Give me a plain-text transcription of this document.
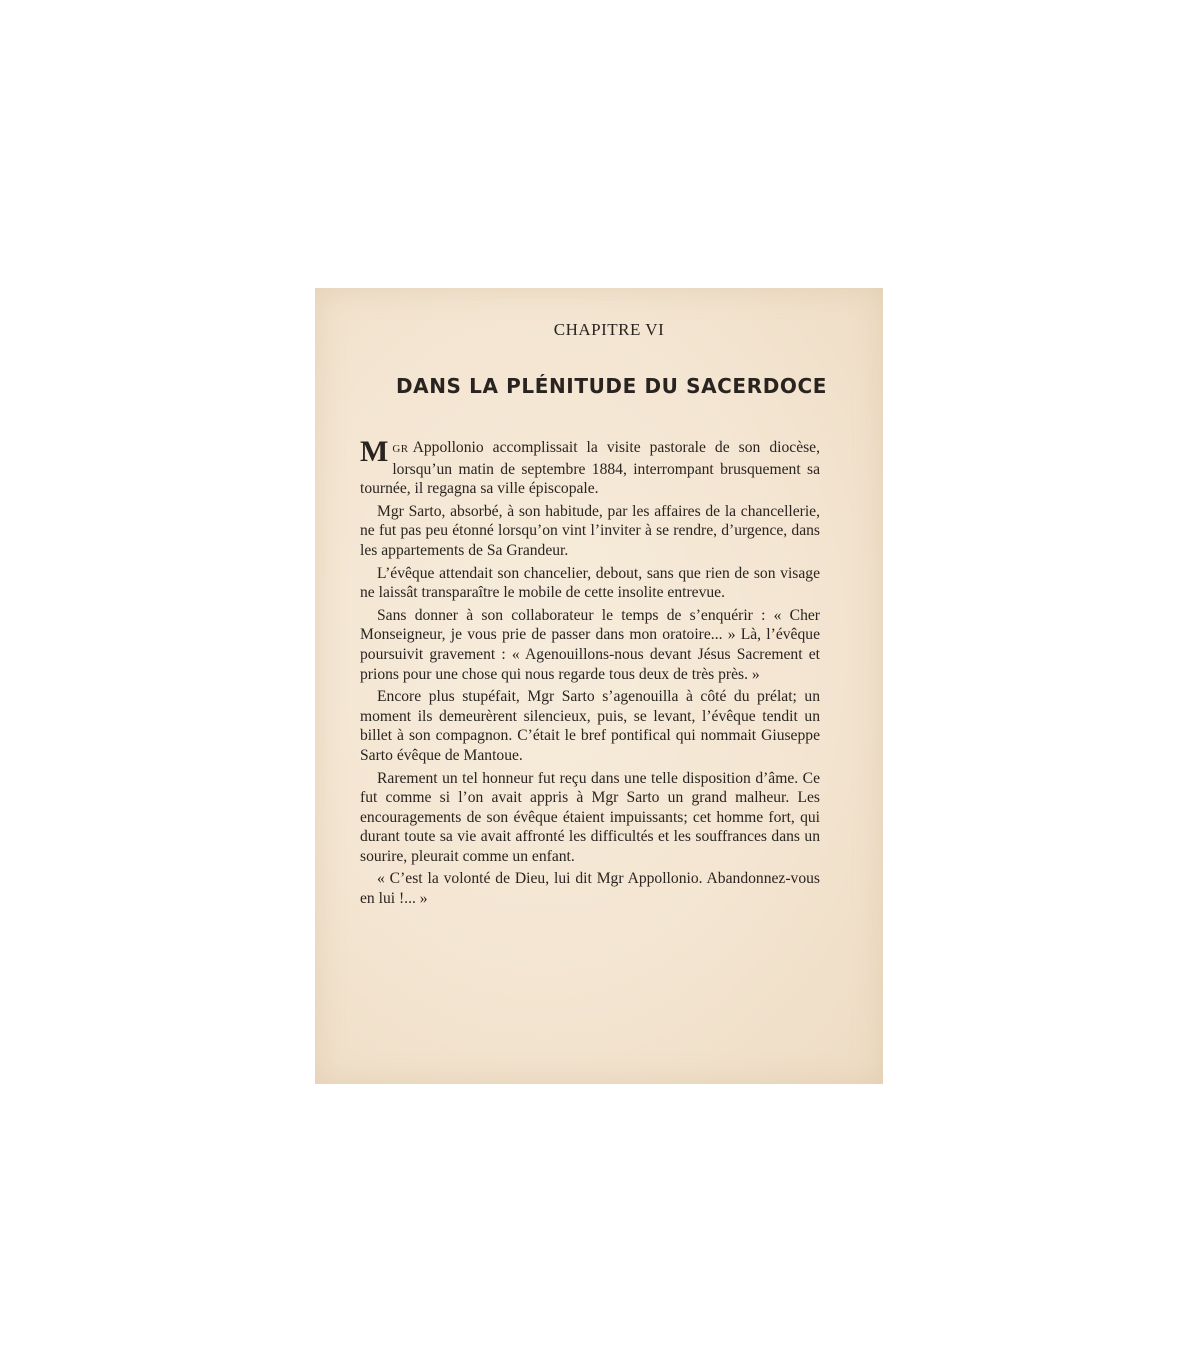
CHAPITRE VI
DANS LA PLÉNITUDE DU SACERDOCE

MGR Appollonio accomplissait la visite pastorale de son diocèse, lorsqu’un matin de septembre 1884, interrompant brusquement sa tournée, il regagna sa ville épiscopale.

Mgr Sarto, absorbé, à son habitude, par les affaires de la chancellerie, ne fut pas peu étonné lorsqu’on vint l’inviter à se rendre, d’urgence, dans les appartements de Sa Grandeur.

L’évêque attendait son chancelier, debout, sans que rien de son visage ne laissât transparaître le mobile de cette insolite entrevue.

Sans donner à son collaborateur le temps de s’enquérir : « Cher Monseigneur, je vous prie de passer dans mon oratoire... » Là, l’évêque poursuivit gravement : « Agenouillons-nous devant Jésus Sacrement et prions pour une chose qui nous regarde tous deux de très près. »

Encore plus stupéfait, Mgr Sarto s’agenouilla à côté du prélat; un moment ils demeurèrent silencieux, puis, se levant, l’évêque tendit un billet à son compagnon. C’était le bref pontifical qui nommait Giuseppe Sarto évêque de Mantoue.

Rarement un tel honneur fut reçu dans une telle disposition d’âme. Ce fut comme si l’on avait appris à Mgr Sarto un grand malheur. Les encouragements de son évêque étaient impuissants; cet homme fort, qui durant toute sa vie avait affronté les difficultés et les souffrances dans un sourire, pleurait comme un enfant.

« C’est la volonté de Dieu, lui dit Mgr Appollonio. Abandonnez-vous en lui !... »
